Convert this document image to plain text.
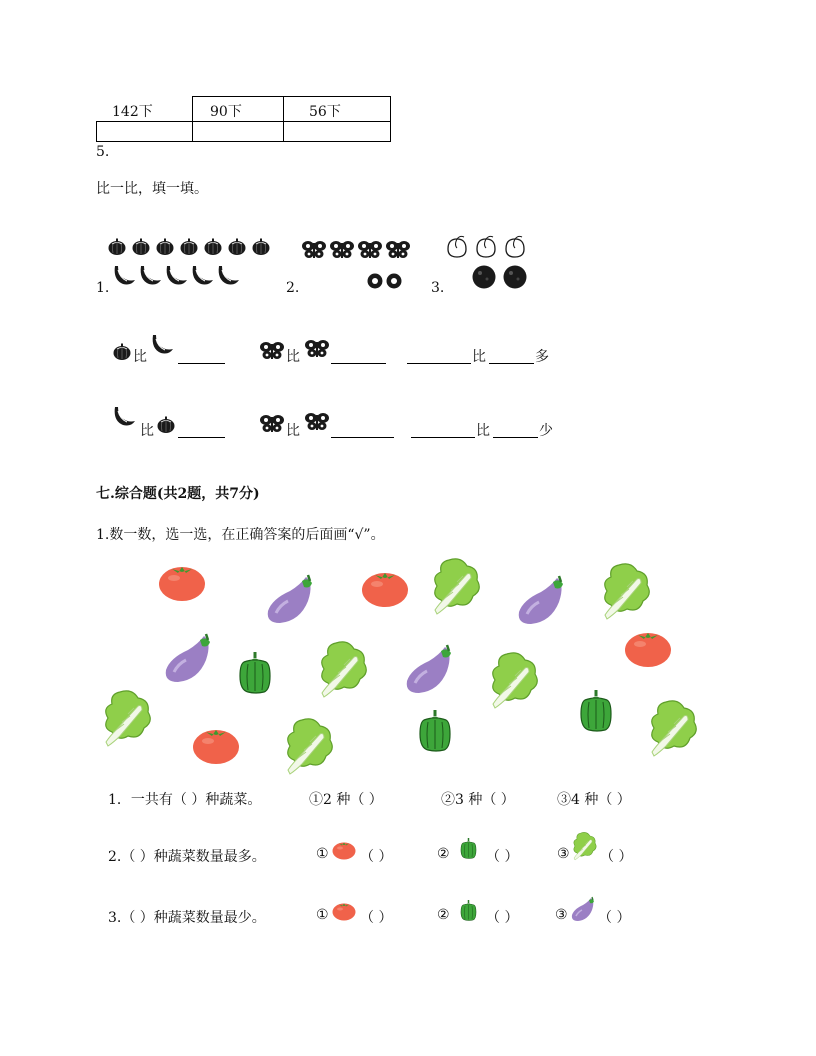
142下	90下	56下
5.
比一比，填一填。
1.	2.	3.
比	比	比	多
比	比	比	少
七.综合题(共2题，共7分)
1.数一数，选一选，在正确答案的后面画“√”。
1．一共有（ ）种蔬菜。	①2 种（ ）	②3 种（ ）	③4 种（ ）
2.（ ）种蔬菜数量最多。	① （ ）	②	（ ）	③ （ ）
3.（ ）种蔬菜数量最少。	① （ ）	②	（ ）	③ （ ）
